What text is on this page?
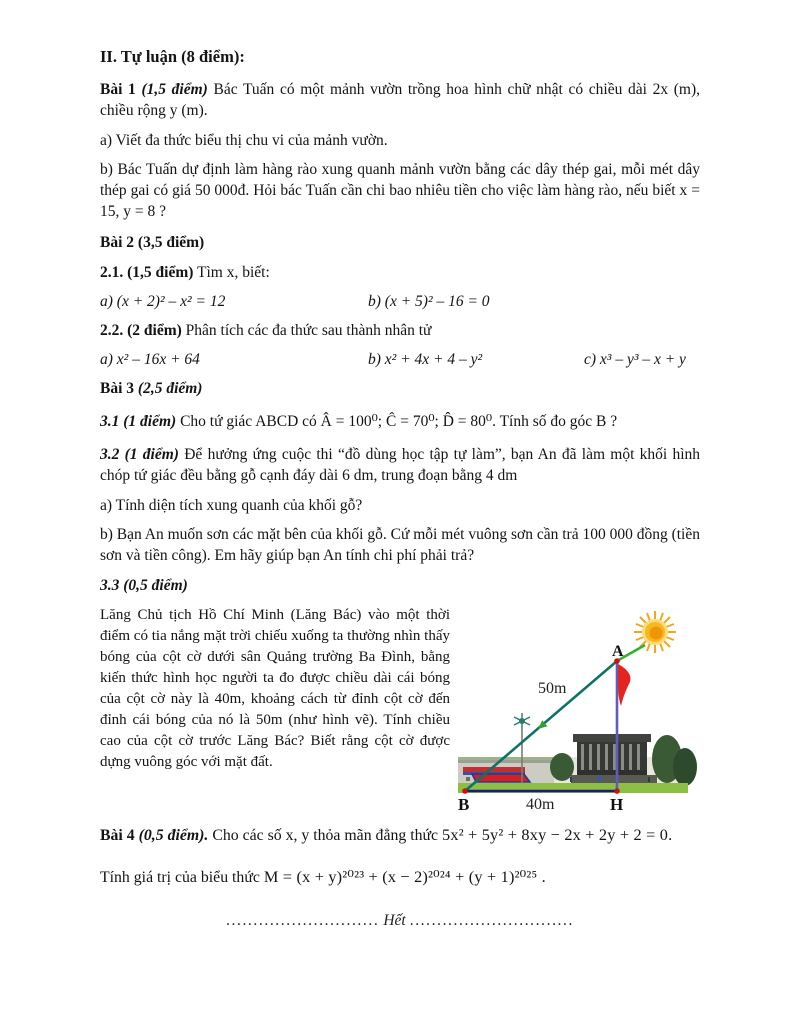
II. Tự luận (8 điểm):

Bài 1 (1,5 điểm) Bác Tuấn có một mảnh vườn trồng hoa hình chữ nhật có chiều dài 2x (m), chiều rộng y (m).

a) Viết đa thức biểu thị chu vi của mảnh vườn.

b) Bác Tuấn dự định làm hàng rào xung quanh mảnh vườn bằng các dây thép gai, mỗi mét dây thép gai có giá 50 000đ. Hỏi bác Tuấn cần chi bao nhiêu tiền cho việc làm hàng rào, nếu biết x = 15, y = 8 ?

Bài 2 (3,5 điểm)

2.1. (1,5 điểm) Tìm x, biết:

a) (x + 2)² – x² = 12	b) (x + 5)² – 16 = 0

2.2. (2 điểm) Phân tích các đa thức sau thành nhân tử

a) x² – 16x + 64	b) x² + 4x + 4 – y²	c) x³ – y³ – x + y
Bài 3 (2,5 điểm)

3.1 (1 điểm) Cho tứ giác ABCD có Â = 100⁰; Ĉ = 70⁰; D̂ = 80⁰. Tính số đo góc B ?

3.2 (1 điểm) Để hưởng ứng cuộc thi “đồ dùng học tập tự làm”, bạn An đã làm một khối hình chóp tứ giác đều bằng gỗ cạnh đáy dài 6 dm, trung đoạn bằng 4 dm

a) Tính diện tích xung quanh của khối gỗ?

b) Bạn An muốn sơn các mặt bên của khối gỗ. Cứ mỗi mét vuông sơn cần trả 100 000 đồng (tiền sơn và tiền công). Em hãy giúp bạn An tính chi phí phải trả?

3.3 (0,5 điểm)

Lăng Chủ tịch Hồ Chí Minh (Lăng Bác) vào một thời điểm có tia nắng mặt trời chiếu xuống ta thường nhìn thấy bóng của cột cờ dưới sân Quảng trường Ba Đình, bằng kiến thức hình học người ta đo được chiều dài cái bóng của cột cờ này là 40m, khoảng cách từ đỉnh cột cờ đến đỉnh cái bóng của nó là 50m (như hình vẽ). Tính chiều cao của cột cờ trước Lăng Bác? Biết rằng cột cờ được dựng vuông góc với mặt đất.

A
B	H
50m
40m

Bài 4 (0,5 điểm). Cho các số x, y thỏa mãn đẳng thức 5x² + 5y² + 8xy − 2x + 2y + 2 = 0.

Tính giá trị của biểu thức M = (x + y)²⁰²³ + (x − 2)²⁰²⁴ + (y + 1)²⁰²⁵ .

............................ Hết ..............................
